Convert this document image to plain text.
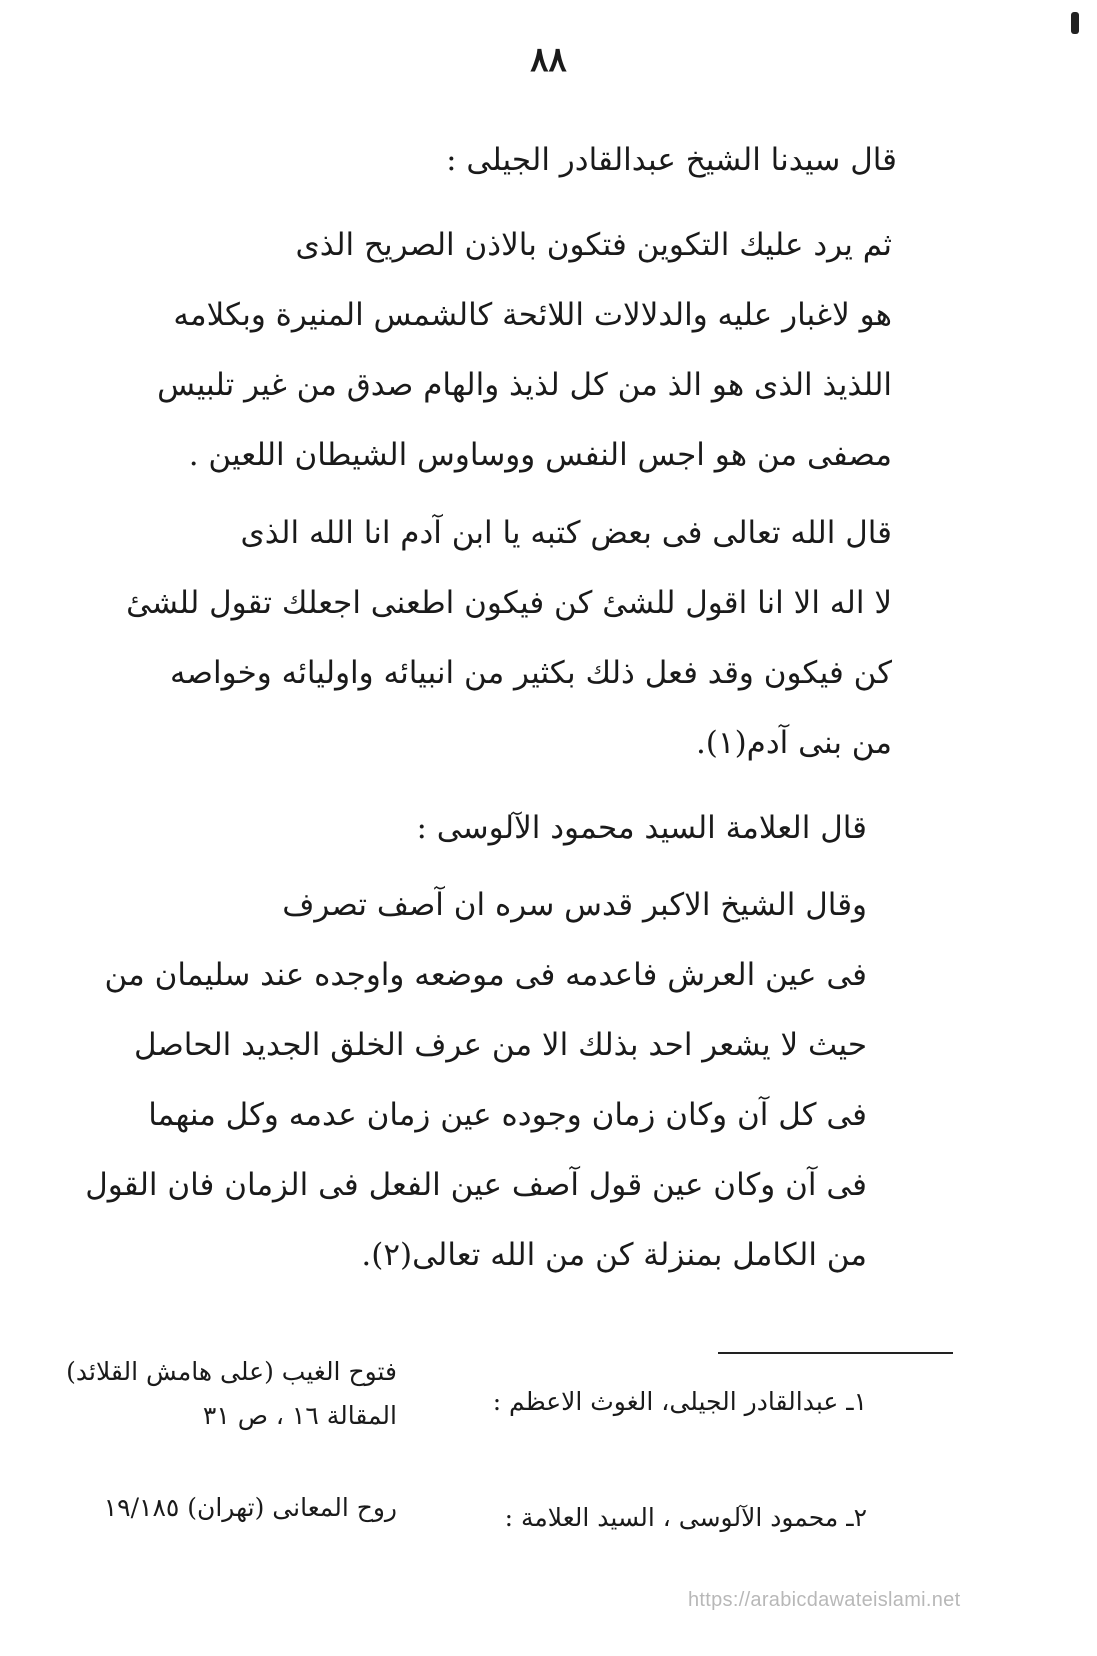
٨٨
قال سیدنا الشیخ عبدالقادر الجیلی :
ثم یرد علیك التكوین فتكون بالاذن الصریح الذی
هو لاغبار علیه والدلالات اللائحة كالشمس المنیرة وبكلامه
اللذیذ الذی هو الذ من كل لذیذ والهام صدق من غیر تلبیس
مصفی من هو اجس النفس ووساوس الشیطان اللعین .
قال الله تعالی فی بعض كتبه یا ابن آدم انا الله الذی
لا اله الا انا اقول للشیٔ كن فیكون اطعنی اجعلك تقول للشیٔ
كن فیكون وقد فعل ذلك بكثیر من انبیائه واولیائه وخواصه
من بنی آدم(١).
قال العلامة السید محمود الآلوسی :
وقال الشیخ الاكبر قدس سره ان آصف تصرف
فی عین العرش فاعدمه فی موضعه واوجده عند سلیمان من
حیث لا یشعر احد بذلك الا من عرف الخلق الجدید الحاصل
فی كل آن وكان زمان وجوده عین زمان عدمه وكل منهما
فی آن وكان عین قول آصف عین الفعل فی الزمان فان القول
من الكامل بمنزلة كن من الله تعالی(٢).
١ـ عبدالقادر الجیلی، الغوث الاعظم :
فتوح الغیب (علی هامش القلائد)
المقالة ١٦ ، ص ٣١
٢ـ محمود الآلوسی ، السید العلامة :
روح المعانی (تهران) ١٩/١٨٥
https://arabicdawateislami.net
